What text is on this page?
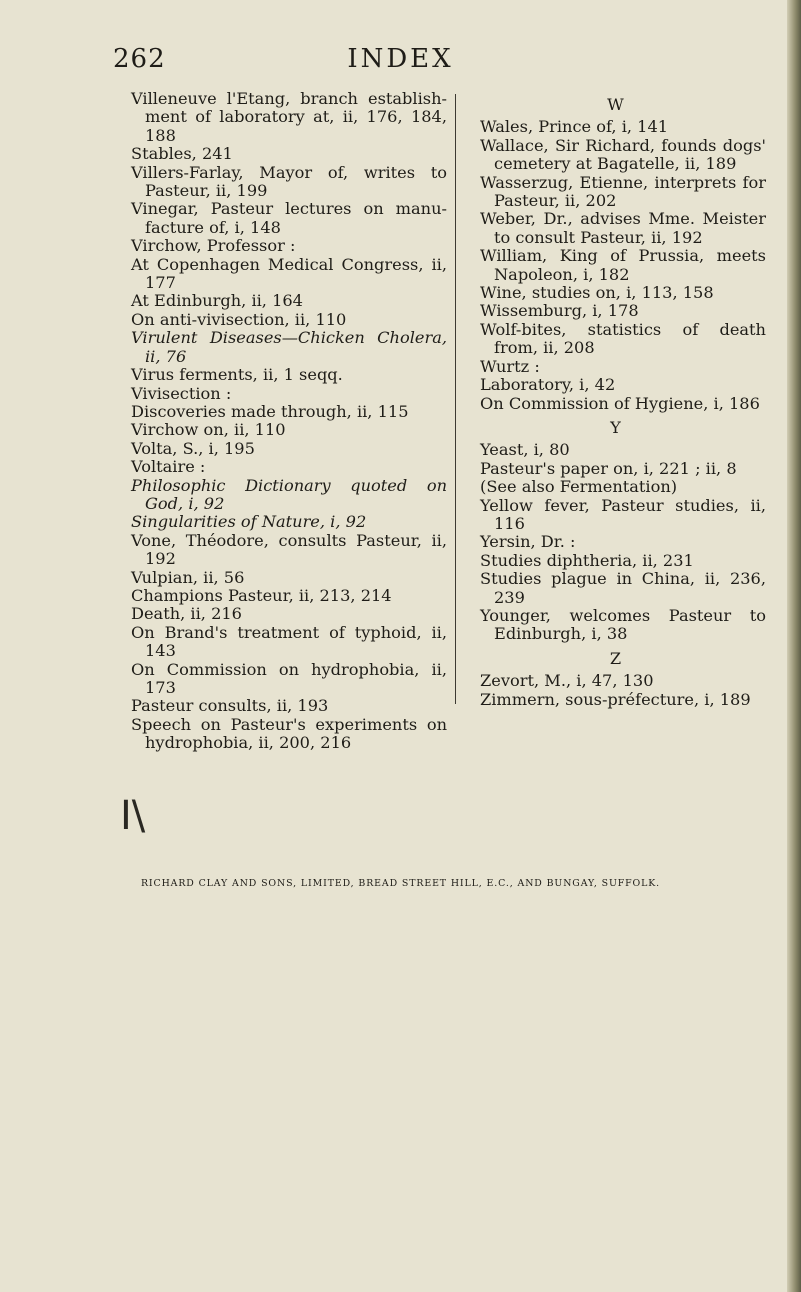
INDEX
262
Villeneuve l'Etang, branch establishment of laboratory at, ii, 176, 184, 188
Stables, 241
Villers-Farlay, Mayor of, writes to Pasteur, ii, 199
Vinegar, Pasteur lectures on manufacture of, i, 148
Virchow, Professor :
At Copenhagen Medical Congress, ii, 177
At Edinburgh, ii, 164
On anti-vivisection, ii, 110
Virulent Diseases—Chicken Cholera, ii, 76
Virus ferments, ii, 1 seqq.
Vivisection :
Discoveries made through, ii, 115
Virchow on, ii, 110
Volta, S., i, 195
Voltaire :
Philosophic Dictionary quoted on God, i, 92
Singularities of Nature, i, 92
Vone, Théodore, consults Pasteur, ii, 192
Vulpian, ii, 56
Champions Pasteur, ii, 213, 214
Death, ii, 216
On Brand's treatment of typhoid, ii, 143
On Commission on hydrophobia, ii, 173
Pasteur consults, ii, 193
Speech on Pasteur's experiments on hydrophobia, ii, 200, 216
W
Wales, Prince of, i, 141
Wallace, Sir Richard, founds dogs' cemetery at Bagatelle, ii, 189
Wasserzug, Etienne, interprets for Pasteur, ii, 202
Weber, Dr., advises Mme. Meister to consult Pasteur, ii, 192
William, King of Prussia, meets Napoleon, i, 182
Wine, studies on, i, 113, 158
Wissemburg, i, 178
Wolf-bites, statistics of death from, ii, 208
Wurtz :
Laboratory, i, 42
On Commission of Hygiene, i, 186
Y
Yeast, i, 80
Pasteur's paper on, i, 221 ; ii, 8
(See also Fermentation)
Yellow fever, Pasteur studies, ii, 116
Yersin, Dr. :
Studies diphtheria, ii, 231
Studies plague in China, ii, 236, 239
Younger, welcomes Pasteur to Edinburgh, i, 38
Z
Zevort, M., i, 47, 130
Zimmern, sous-préfecture, i, 189
I\
RICHARD CLAY AND SONS, LIMITED, BREAD STREET HILL, E.C., AND BUNGAY, SUFFOLK.
